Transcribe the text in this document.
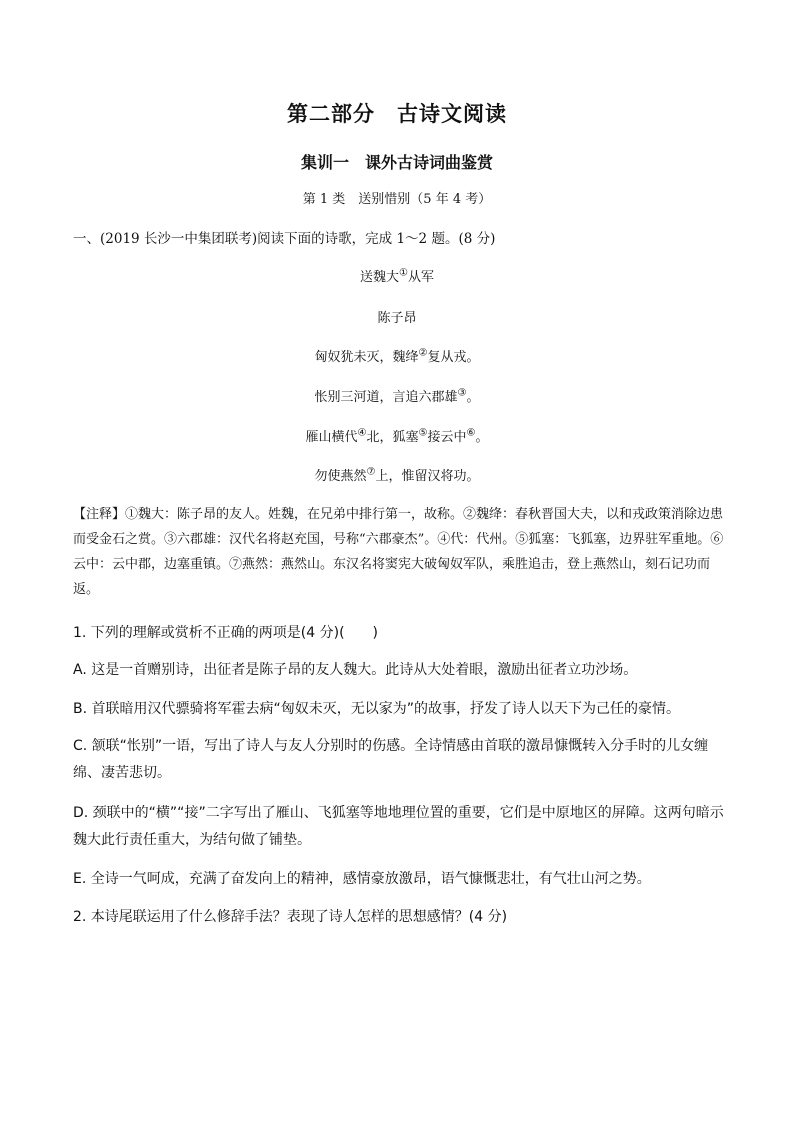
第二部分　古诗文阅读
集训一　课外古诗词曲鉴赏
第 1 类　送别惜别（5 年 4 考）
一、(2019 长沙一中集团联考)阅读下面的诗歌，完成 1～2 题。(8 分)
送魏大①从军
陈子昂
匈奴犹未灭，魏绛②复从戎。
怅别三河道，言追六郡雄③。
雁山横代④北，狐塞⑤接云中⑥。
勿使燕然⑦上，惟留汉将功。
【注释】①魏大：陈子昂的友人。姓魏，在兄弟中排行第一，故称。②魏绛：春秋晋国大夫，以和戎政策消除边患而受金石之赏。③六郡雄：汉代名将赵充国，号称“六郡豪杰”。④代：代州。⑤狐塞：飞狐塞，边界驻军重地。⑥云中：云中郡，边塞重镇。⑦燕然：燕然山。东汉名将窦宪大破匈奴军队，乘胜追击，登上燕然山，刻石记功而返。
1. 下列的理解或赏析不正确的两项是(4 分)(　　)
A. 这是一首赠别诗，出征者是陈子昂的友人魏大。此诗从大处着眼，激励出征者立功沙场。
B. 首联暗用汉代骠骑将军霍去病“匈奴未灭，无以家为”的故事，抒发了诗人以天下为己任的豪情。
C. 颔联“怅别”一语，写出了诗人与友人分别时的伤感。全诗情感由首联的激昂慷慨转入分手时的儿女缠绵、凄苦悲切。
D. 颈联中的“横”“接”二字写出了雁山、飞狐塞等地地理位置的重要，它们是中原地区的屏障。这两句暗示魏大此行责任重大，为结句做了铺垫。
E. 全诗一气呵成，充满了奋发向上的精神，感情豪放激昂，语气慷慨悲壮，有气壮山河之势。
2. 本诗尾联运用了什么修辞手法？表现了诗人怎样的思想感情？(4 分)
